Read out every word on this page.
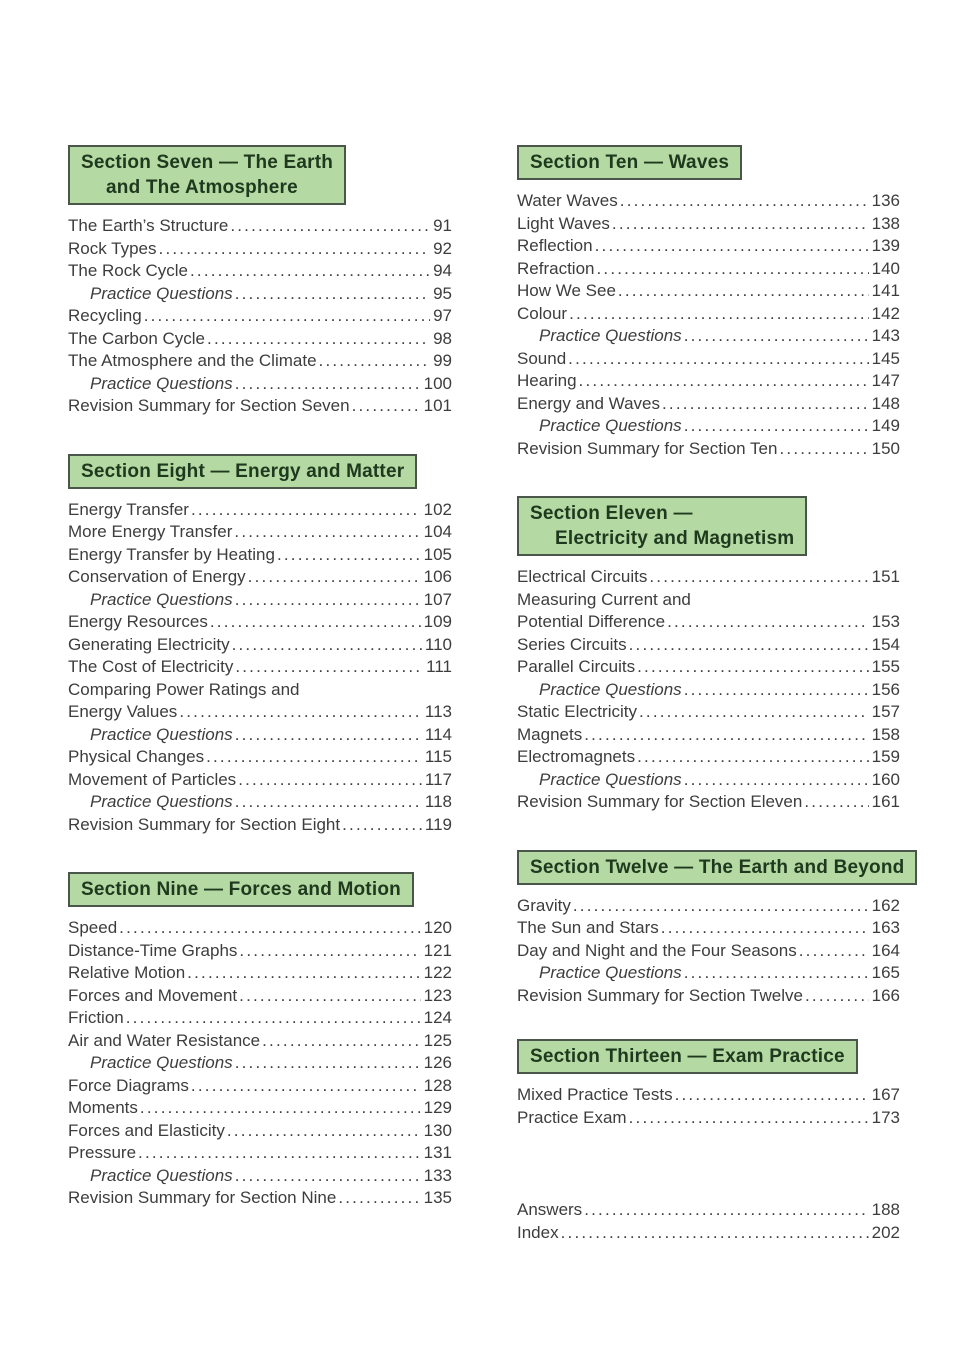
Section Seven — The Earth
and The Atmosphere
The Earth’s Structure .....	91
Rock Types .....	92
The Rock Cycle .....	94
Practice Questions .....	95
Recycling .....	97
The Carbon Cycle .....	98
The Atmosphere and the Climate .....	99
Practice Questions .....	100
Revision Summary for Section Seven .....	101
Section Eight — Energy and Matter
Energy Transfer .....	102
More Energy Transfer .....	104
Energy Transfer by Heating .....	105
Conservation of Energy .....	106
Practice Questions .....	107
Energy Resources .....	109
Generating Electricity .....	110
The Cost of Electricity .....	111
Comparing Power Ratings and
Energy Values .....	113
Practice Questions .....	114
Physical Changes .....	115
Movement of Particles .....	117
Practice Questions .....	118
Revision Summary for Section Eight .....	119
Section Nine — Forces and Motion
Speed .....	120
Distance-Time Graphs .....	121
Relative Motion .....	122
Forces and Movement .....	123
Friction .....	124
Air and Water Resistance .....	125
Practice Questions .....	126
Force Diagrams .....	128
Moments .....	129
Forces and Elasticity .....	130
Pressure .....	131
Practice Questions .....	133
Revision Summary for Section Nine .....	135
Section Ten — Waves
Water Waves .....	136
Light Waves .....	138
Reflection .....	139
Refraction .....	140
How We See .....	141
Colour .....	142
Practice Questions .....	143
Sound .....	145
Hearing .....	147
Energy and Waves .....	148
Practice Questions .....	149
Revision Summary for Section Ten .....	150
Section Eleven —
Electricity and Magnetism
Electrical Circuits .....	151
Measuring Current and
Potential Difference .....	153
Series Circuits .....	154
Parallel Circuits .....	155
Practice Questions .....	156
Static Electricity .....	157
Magnets .....	158
Electromagnets .....	159
Practice Questions .....	160
Revision Summary for Section Eleven .....	161
Section Twelve — The Earth and Beyond
Gravity .....	162
The Sun and Stars .....	163
Day and Night and the Four Seasons .....	164
Practice Questions .....	165
Revision Summary for Section Twelve .....	166
Section Thirteen — Exam Practice
Mixed Practice Tests .....	167
Practice Exam .....	173
Answers .....	188
Index .....	202
